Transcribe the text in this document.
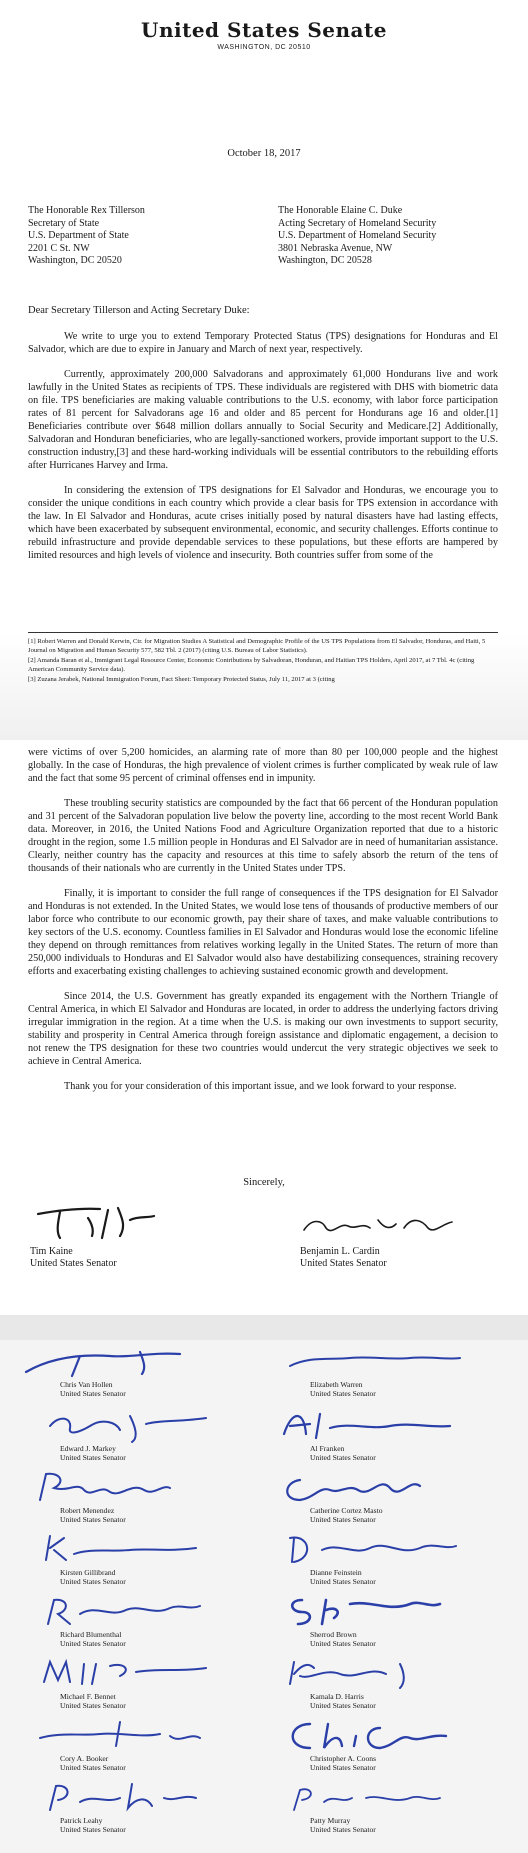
United States Senate
WASHINGTON, DC 20510
October 18, 2017
The Honorable Rex Tillerson
Secretary of State
U.S. Department of State
2201 C St. NW
Washington, DC 20520
The Honorable Elaine C. Duke
Acting Secretary of Homeland Security
U.S. Department of Homeland Security
3801 Nebraska Avenue, NW
Washington, DC 20528
Dear Secretary Tillerson and Acting Secretary Duke:

We write to urge you to extend Temporary Protected Status (TPS) designations for Honduras and El Salvador, which are due to expire in January and March of next year, respectively.

Currently, approximately 200,000 Salvadorans and approximately 61,000 Hondurans live and work lawfully in the United States as recipients of TPS. These individuals are registered with DHS with biometric data on file. TPS beneficiaries are making valuable contributions to the U.S. economy, with labor force participation rates of 81 percent for Salvadorans age 16 and older and 85 percent for Hondurans age 16 and older.[1] Beneficiaries contribute over $648 million dollars annually to Social Security and Medicare.[2] Additionally, Salvadoran and Honduran beneficiaries, who are legally-sanctioned workers, provide important support to the U.S. construction industry,[3] and these hard-working individuals will be essential contributors to the rebuilding efforts after Hurricanes Harvey and Irma.

In considering the extension of TPS designations for El Salvador and Honduras, we encourage you to consider the unique conditions in each country which provide a clear basis for TPS extension in accordance with the law. In El Salvador and Honduras, acute crises initially posed by natural disasters have had lasting effects, which have been exacerbated by subsequent environmental, economic, and security challenges. Efforts continue to rebuild infrastructure and provide dependable services to these populations, but these efforts are hampered by limited resources and high levels of violence and insecurity. Both countries suffer from some of the

[1] Robert Warren and Donald Kerwin, Ctr. for Migration Studies A Statistical and Demographic Profile of the US TPS Populations from El Salvador, Honduras, and Haiti, 5 Journal on Migration and Human Security 577, 582 Tbl. 2 (2017) (citing U.S. Bureau of Labor Statistics).
[2] Amanda Baran et al., Immigrant Legal Resource Center, Economic Contributions by Salvadoran, Honduran, and Haitian TPS Holders, April 2017, at 7 Tbl. 4c (citing American Community Service data).
[3] Zuzana Jerabek, National Immigration Forum, Fact Sheet: Temporary Protected Status, July 11, 2017 at 3 (citing

were victims of over 5,200 homicides, an alarming rate of more than 80 per 100,000 people and the highest globally. In the case of Honduras, the high prevalence of violent crimes is further complicated by weak rule of law and the fact that some 95 percent of criminal offenses end in impunity.

These troubling security statistics are compounded by the fact that 66 percent of the Honduran population and 31 percent of the Salvadoran population live below the poverty line, according to the most recent World Bank data. Moreover, in 2016, the United Nations Food and Agriculture Organization reported that due to a historic drought in the region, some 1.5 million people in Honduras and El Salvador are in need of humanitarian assistance. Clearly, neither country has the capacity and resources at this time to safely absorb the return of the tens of thousands of their nationals who are currently in the United States under TPS.

Finally, it is important to consider the full range of consequences if the TPS designation for El Salvador and Honduras is not extended. In the United States, we would lose tens of thousands of productive members of our labor force who contribute to our economic growth, pay their share of taxes, and make valuable contributions to key sectors of the U.S. economy. Countless families in El Salvador and Honduras would lose the economic lifeline they depend on through remittances from relatives working legally in the United States. The return of more than 250,000 individuals to Honduras and El Salvador would also have destabilizing consequences, straining recovery efforts and exacerbating existing challenges to achieving sustained economic growth and development.

Since 2014, the U.S. Government has greatly expanded its engagement with the Northern Triangle of Central America, in which El Salvador and Honduras are located, in order to address the underlying factors driving irregular immigration in the region. At a time when the U.S. is making our own investments to support security, stability and prosperity in Central America through foreign assistance and diplomatic engagement, a decision to not renew the TPS designation for these two countries would undercut the very strategic objectives we seek to achieve in Central America.

Thank you for your consideration of this important issue, and we look forward to your response.

Sincerely,
Tim Kaine
United States Senator
Benjamin L. Cardin
United States Senator
Chris Van Hollen
United States Senator
Elizabeth Warren
United States Senator
Edward J. Markey
United States Senator
Al Franken
United States Senator
Robert Menendez
United States Senator
Catherine Cortez Masto
United States Senator
Kirsten Gillibrand
United States Senator
Dianne Feinstein
United States Senator
Richard Blumenthal
United States Senator
Sherrod Brown
United States Senator
Michael F. Bennet
United States Senator
Kamala D. Harris
United States Senator
Cory A. Booker
United States Senator
Christopher A. Coons
United States Senator
Patrick Leahy
United States Senator
Patty Murray
United States Senator
